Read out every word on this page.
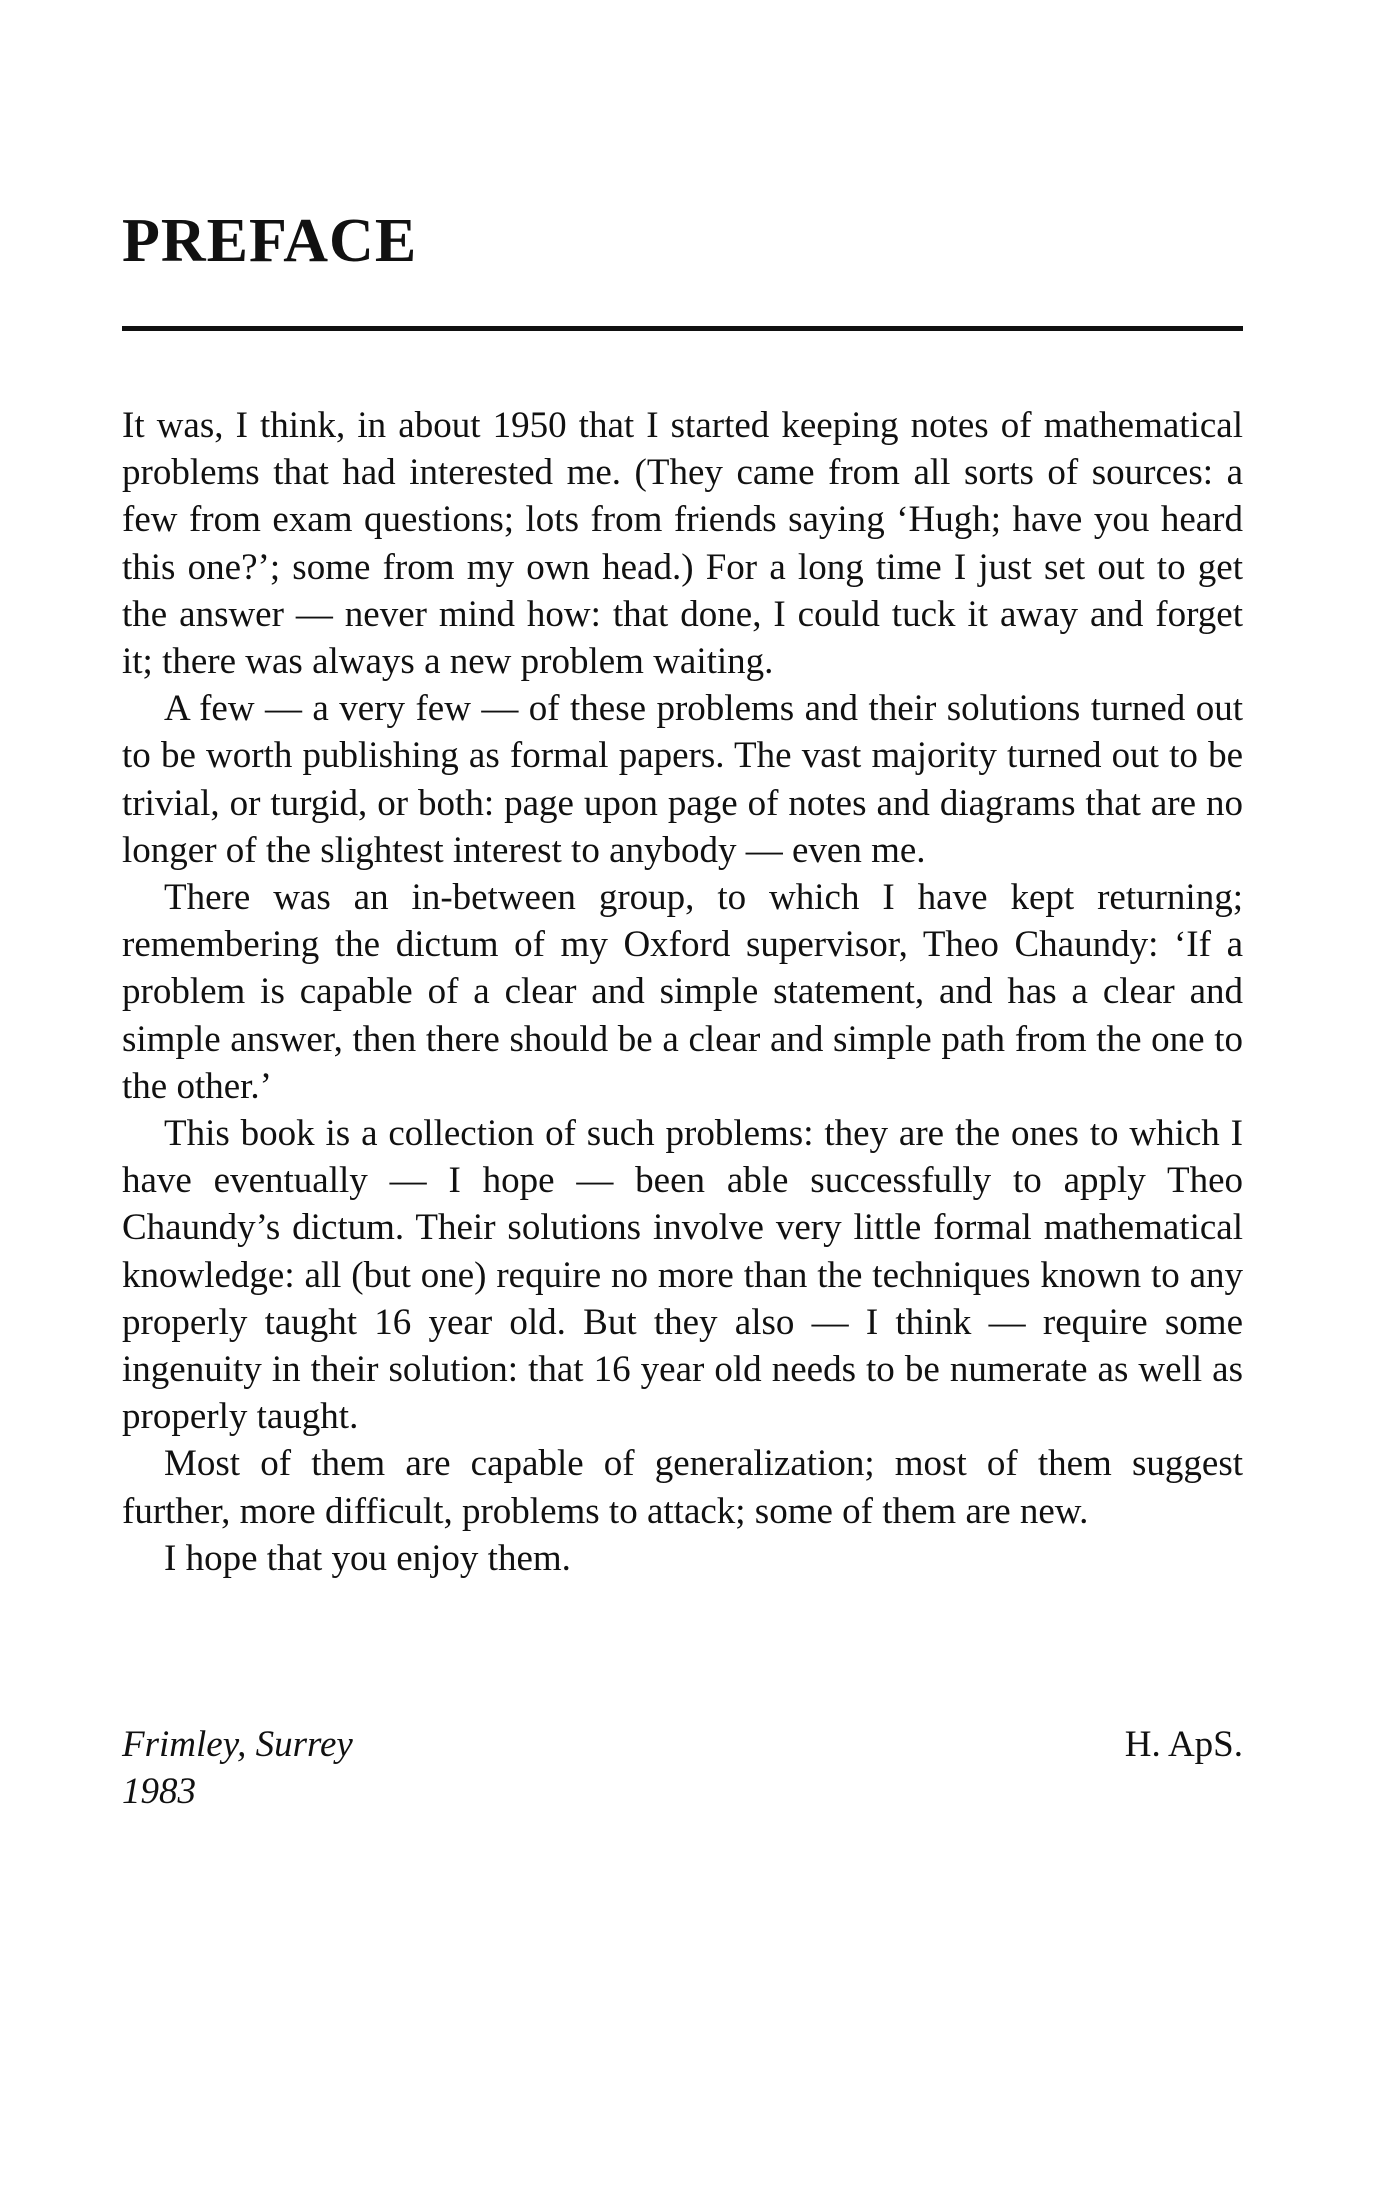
PREFACE

It was, I think, in about 1950 that I started keeping notes of mathematical problems that had interested me. (They came from all sorts of sources: a few from exam questions; lots from friends saying ‘Hugh; have you heard this one?’; some from my own head.) For a long time I just set out to get the answer — never mind how: that done, I could tuck it away and forget it; there was always a new problem waiting.

A few — a very few — of these problems and their solutions turned out to be worth publishing as formal papers. The vast majority turned out to be trivial, or turgid, or both: page upon page of notes and diagrams that are no longer of the slightest interest to anybody — even me.

There was an in-between group, to which I have kept returning; remembering the dictum of my Oxford supervisor, Theo Chaundy: ‘If a problem is capable of a clear and simple statement, and has a clear and simple answer, then there should be a clear and simple path from the one to the other.’

This book is a collection of such problems: they are the ones to which I have eventually — I hope — been able successfully to apply Theo Chaundy’s dictum. Their solutions involve very little formal mathematical knowledge: all (but one) require no more than the techniques known to any properly taught 16 year old. But they also — I think — require some ingenuity in their solution: that 16 year old needs to be numerate as well as properly taught.

Most of them are capable of generalization; most of them suggest further, more difficult, problems to attack; some of them are new.

I hope that you enjoy them.

Frimley, Surrey
1983
H. ApS.
